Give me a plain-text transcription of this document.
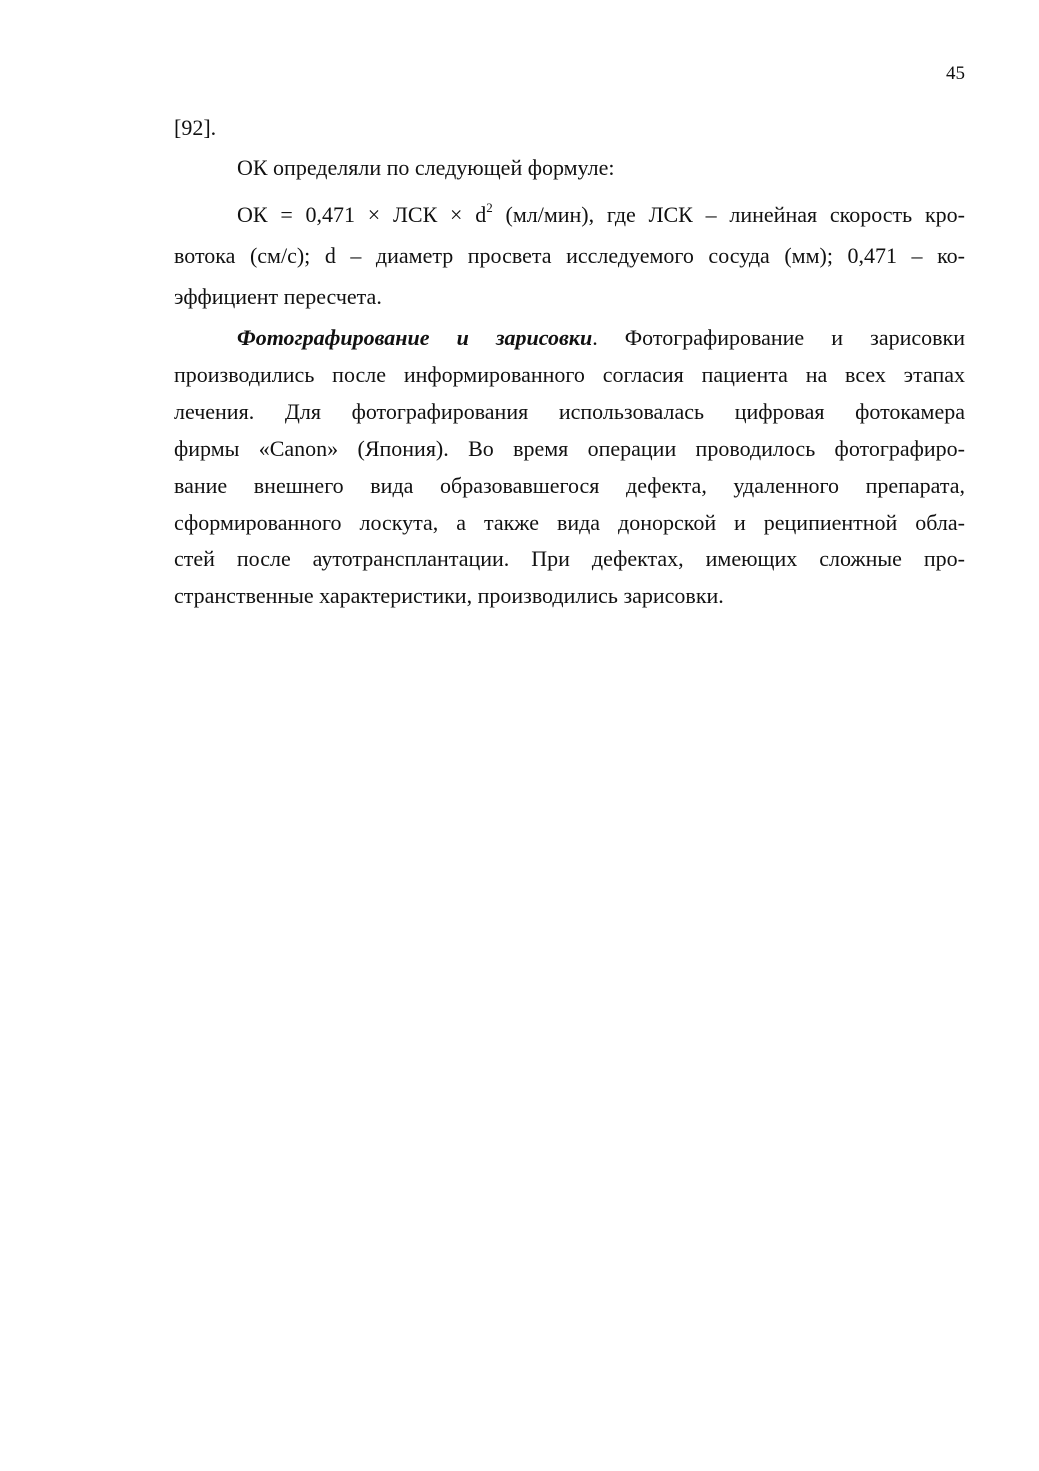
45
[92].
ОК определяли по следующей формуле:
ОК = 0,471 × ЛСК × $d^2$ (мл/мин), где ЛСК – линейная скорость кро-
вотока (см/с); d – диаметр просвета исследуемого сосуда (мм); 0,471 – ко-
эффициент пересчета.
Фотографирование и зарисовки. Фотографирование и зарисовки
производились после информированного согласия пациента на всех этапах
лечения. Для фотографирования использовалась цифровая фотокамера
фирмы «Canon» (Япония). Во время операции проводилось фотографиро-
вание внешнего вида образовавшегося дефекта, удаленного препарата,
сформированного лоскута, а также вида донорской и реципиентной обла-
стей после аутотрансплантации. При дефектах, имеющих сложные про-
странственные характеристики, производились зарисовки.
